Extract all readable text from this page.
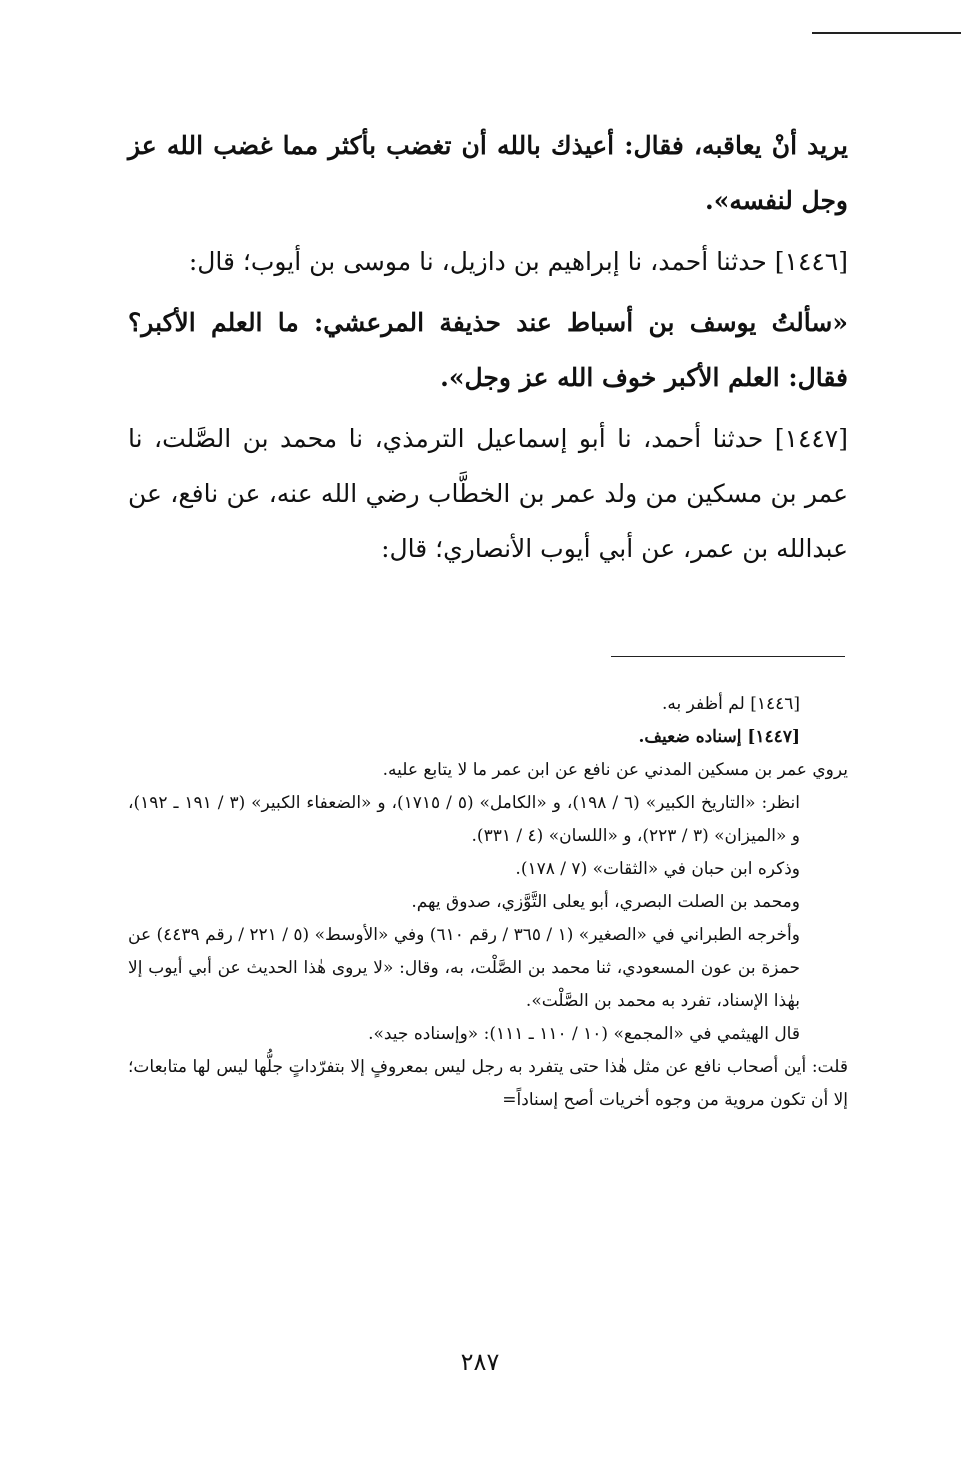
يريد أنْ يعاقبه، فقال: أعيذك بالله أن تغضب بأكثر مما غضب الله عز وجل لنفسه».

[١٤٤٦] حدثنا أحمد، نا إبراهيم بن دازيل، نا موسى بن أيوب؛ قال:

«سألتُ يوسف بن أسباط عند حذيفة المرعشي: ما العلم الأكبر؟ فقال: العلم الأكبر خوف الله عز وجل».

[١٤٤٧] حدثنا أحمد، نا أبو إسماعيل الترمذي، نا محمد بن الصَّلت، نا عمر بن مسكين من ولد عمر بن الخطَّاب رضي الله عنه، عن نافع، عن عبدالله بن عمر، عن أبي أيوب الأنصاري؛ قال:

[١٤٤٦] لم أظفر به.

[١٤٤٧] إسناده ضعيف.

يروي عمر بن مسكين المدني عن نافع عن ابن عمر ما لا يتابع عليه.

انظر: «التاريخ الكبير» (٦ / ١٩٨)، و «الكامل» (٥ / ١٧١٥)، و «الضعفاء الكبير» (٣ / ١٩١ ـ ١٩٢)، و «الميزان» (٣ / ٢٢٣)، و «اللسان» (٤ / ٣٣١).

وذكره ابن حبان في «الثقات» (٧ / ١٧٨).

ومحمد بن الصلت البصري، أبو يعلى التَّوَّزي، صدوق يهم.

وأخرجه الطبراني في «الصغير» (١ / ٣٦٥ / رقم ٦١٠) وفي «الأوسط» (٥ / ٢٢١ / رقم ٤٤٣٩) عن حمزة بن عون المسعودي، ثنا محمد بن الصَّلْت، به، وقال: «لا يروى هٰذا الحديث عن أبي أيوب إلا بهٰذا الإسناد، تفرد به محمد بن الصَّلْت».

قال الهيثمي في «المجمع» (١٠ / ١١٠ ـ ١١١): «وإسناده جيد».

قلت: أين أصحاب نافع عن مثل هٰذا حتى يتفرد به رجل ليس بمعروفٍ إلا بتفرّداتٍ جلُّها ليس لها متابعات؛ إلا أن تكون مروية من وجوه أخريات أصح إسناداً=

٢٨٧
